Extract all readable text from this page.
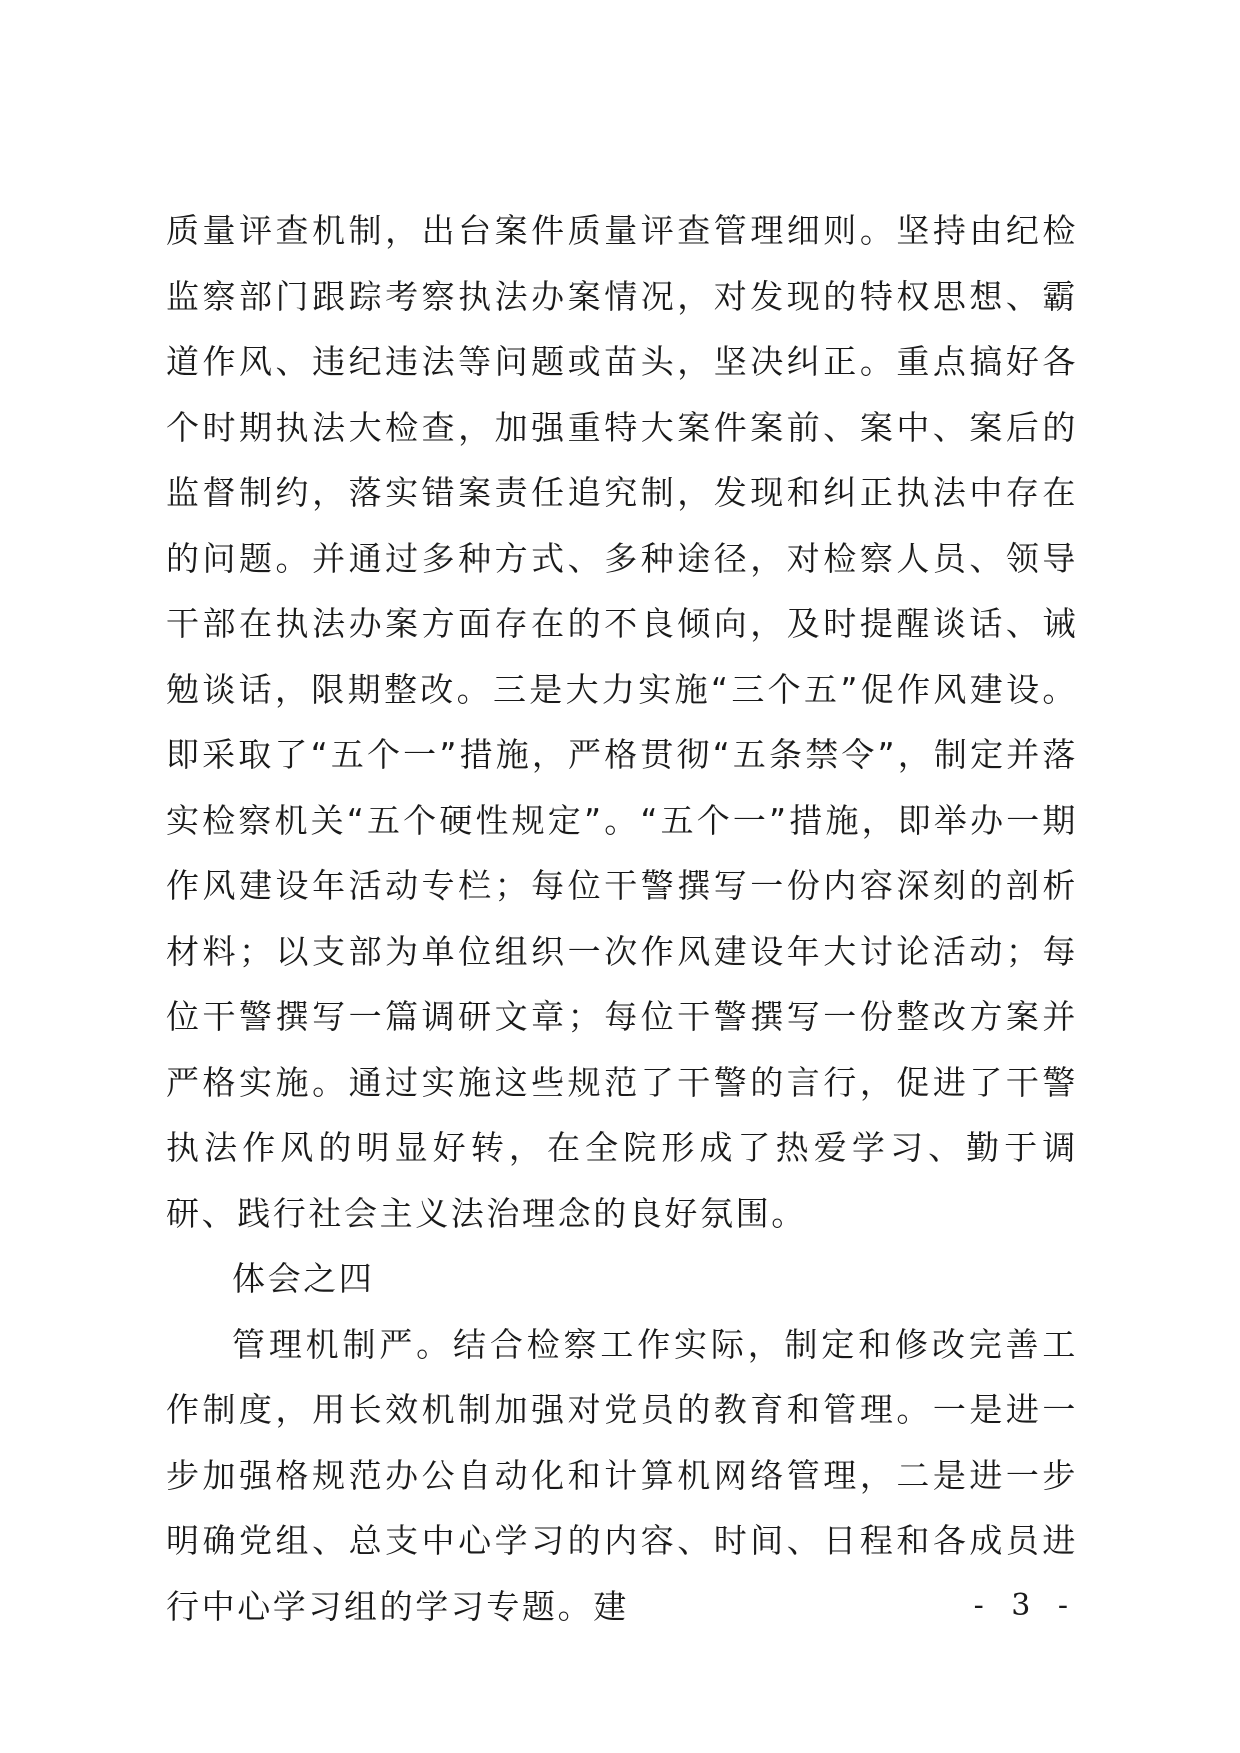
质量评查机制，出台案件质量评查管理细则。坚持由纪检监察部门跟踪考察执法办案情况，对发现的特权思想、霸道作风、违纪违法等问题或苗头，坚决纠正。重点搞好各个时期执法大检查，加强重特大案件案前、案中、案后的监督制约，落实错案责任追究制，发现和纠正执法中存在的问题。并通过多种方式、多种途径，对检察人员、领导干部在执法办案方面存在的不良倾向，及时提醒谈话、诫勉谈话，限期整改。三是大力实施“三个五”促作风建设。即采取了“五个一”措施，严格贯彻“五条禁令”，制定并落实检察机关“五个硬性规定”。“五个一”措施，即举办一期作风建设年活动专栏；每位干警撰写一份内容深刻的剖析材料；以支部为单位组织一次作风建设年大讨论活动；每位干警撰写一篇调研文章；每位干警撰写一份整改方案并严格实施。通过实施这些规范了干警的言行，促进了干警执法作风的明显好转，在全院形成了热爱学习、勤于调研、践行社会主义法治理念的良好氛围。

体会之四

管理机制严。结合检察工作实际，制定和修改完善工作制度，用长效机制加强对党员的教育和管理。一是进一步加强格规范办公自动化和计算机网络管理，二是进一步明确党组、总支中心学习的内容、时间、日程和各成员进行中心学习组的学习专题。建	- 3 -
